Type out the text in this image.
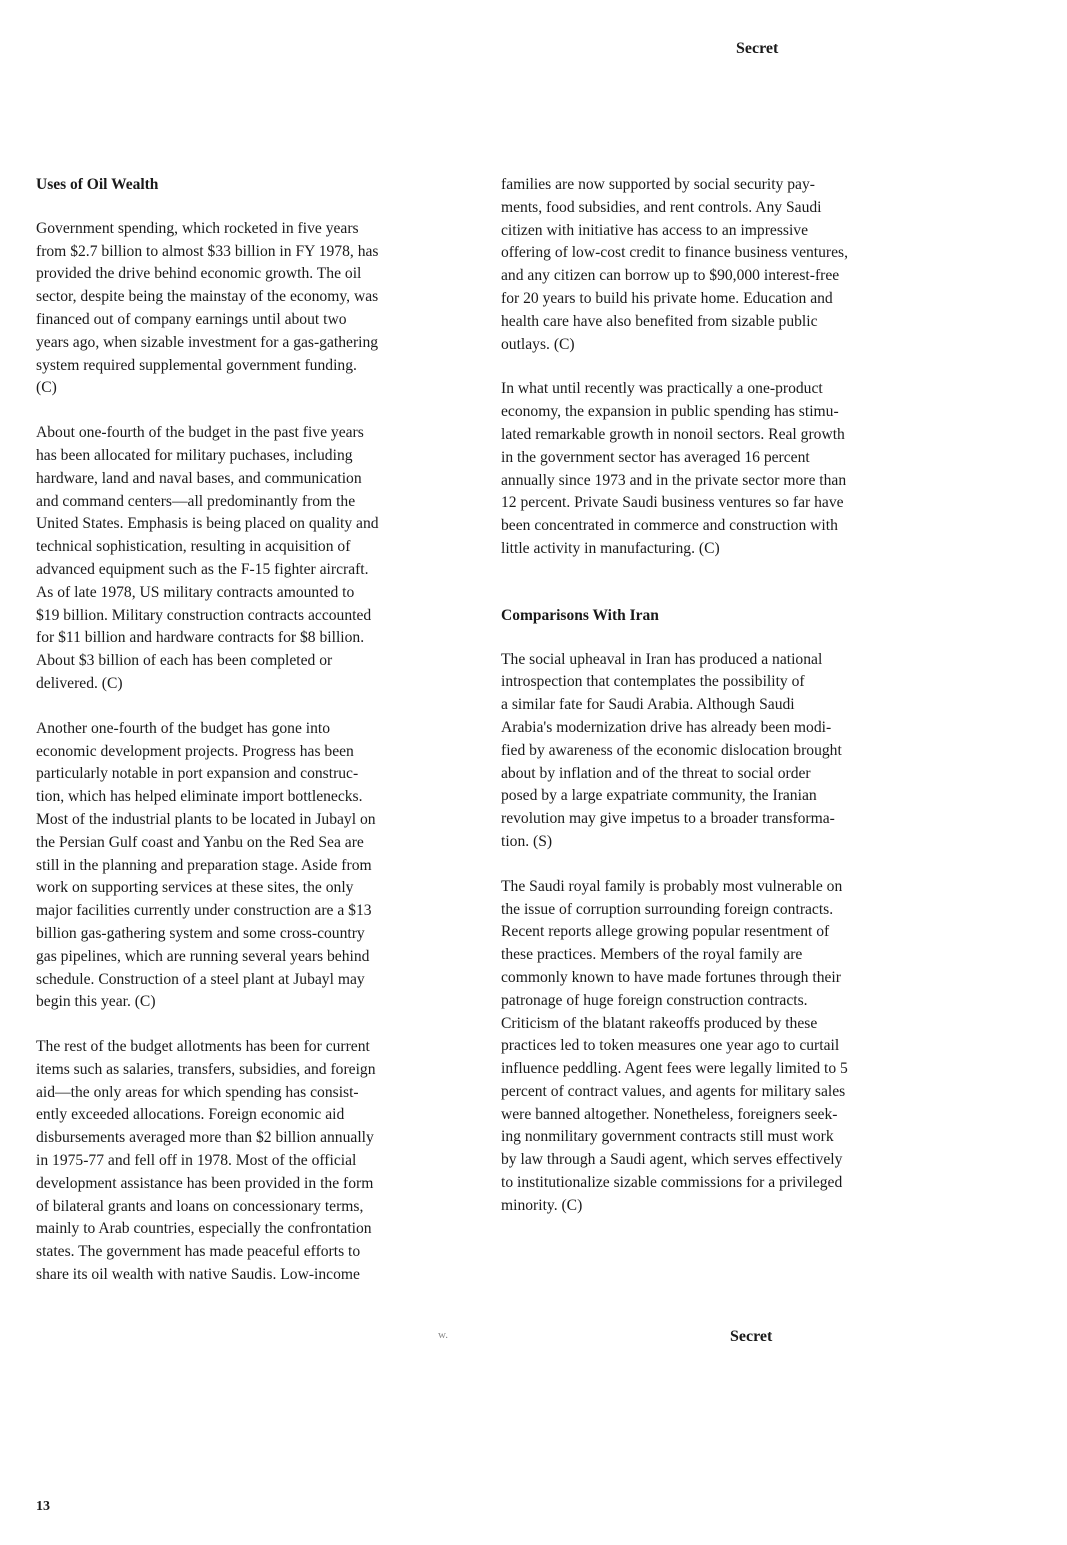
Secret
Uses of Oil Wealth
Government spending, which rocketed in five years
from $2.7 billion to almost $33 billion in FY 1978, has
provided the drive behind economic growth. The oil
sector, despite being the mainstay of the economy, was
financed out of company earnings until about two
years ago, when sizable investment for a gas-gathering
system required supplemental government funding.
(C)
About one-fourth of the budget in the past five years
has been allocated for military puchases, including
hardware, land and naval bases, and communication
and command centers—all predominantly from the
United States. Emphasis is being placed on quality and
technical sophistication, resulting in acquisition of
advanced equipment such as the F-15 fighter aircraft.
As of late 1978, US military contracts amounted to
$19 billion. Military construction contracts accounted
for $11 billion and hardware contracts for $8 billion.
About $3 billion of each has been completed or
delivered. (C)
Another one-fourth of the budget has gone into
economic development projects. Progress has been
particularly notable in port expansion and construc-
tion, which has helped eliminate import bottlenecks.
Most of the industrial plants to be located in Jubayl on
the Persian Gulf coast and Yanbu on the Red Sea are
still in the planning and preparation stage. Aside from
work on supporting services at these sites, the only
major facilities currently under construction are a $13
billion gas-gathering system and some cross-country
gas pipelines, which are running several years behind
schedule. Construction of a steel plant at Jubayl may
begin this year. (C)
The rest of the budget allotments has been for current
items such as salaries, transfers, subsidies, and foreign
aid—the only areas for which spending has consist-
ently exceeded allocations. Foreign economic aid
disbursements averaged more than $2 billion annually
in 1975-77 and fell off in 1978. Most of the official
development assistance has been provided in the form
of bilateral grants and loans on concessionary terms,
mainly to Arab countries, especially the confrontation
states. The government has made peaceful efforts to
share its oil wealth with native Saudis. Low-income
families are now supported by social security pay-
ments, food subsidies, and rent controls. Any Saudi
citizen with initiative has access to an impressive
offering of low-cost credit to finance business ventures,
and any citizen can borrow up to $90,000 interest-free
for 20 years to build his private home. Education and
health care have also benefited from sizable public
outlays. (C)
In what until recently was practically a one-product
economy, the expansion in public spending has stimu-
lated remarkable growth in nonoil sectors. Real growth
in the government sector has averaged 16 percent
annually since 1973 and in the private sector more than
12 percent. Private Saudi business ventures so far have
been concentrated in commerce and construction with
little activity in manufacturing. (C)
Comparisons With Iran
The social upheaval in Iran has produced a national
introspection that contemplates the possibility of
a similar fate for Saudi Arabia. Although Saudi
Arabia's modernization drive has already been modi-
fied by awareness of the economic dislocation brought
about by inflation and of the threat to social order
posed by a large expatriate community, the Iranian
revolution may give impetus to a broader transforma-
tion. (S)
The Saudi royal family is probably most vulnerable on
the issue of corruption surrounding foreign contracts.
Recent reports allege growing popular resentment of
these practices. Members of the royal family are
commonly known to have made fortunes through their
patronage of huge foreign construction contracts.
Criticism of the blatant rakeoffs produced by these
practices led to token measures one year ago to curtail
influence peddling. Agent fees were legally limited to 5
percent of contract values, and agents for military sales
were banned altogether. Nonetheless, foreigners seek-
ing nonmilitary government contracts still must work
by law through a Saudi agent, which serves effectively
to institutionalize sizable commissions for a privileged
minority. (C)
w.	Secret
13
